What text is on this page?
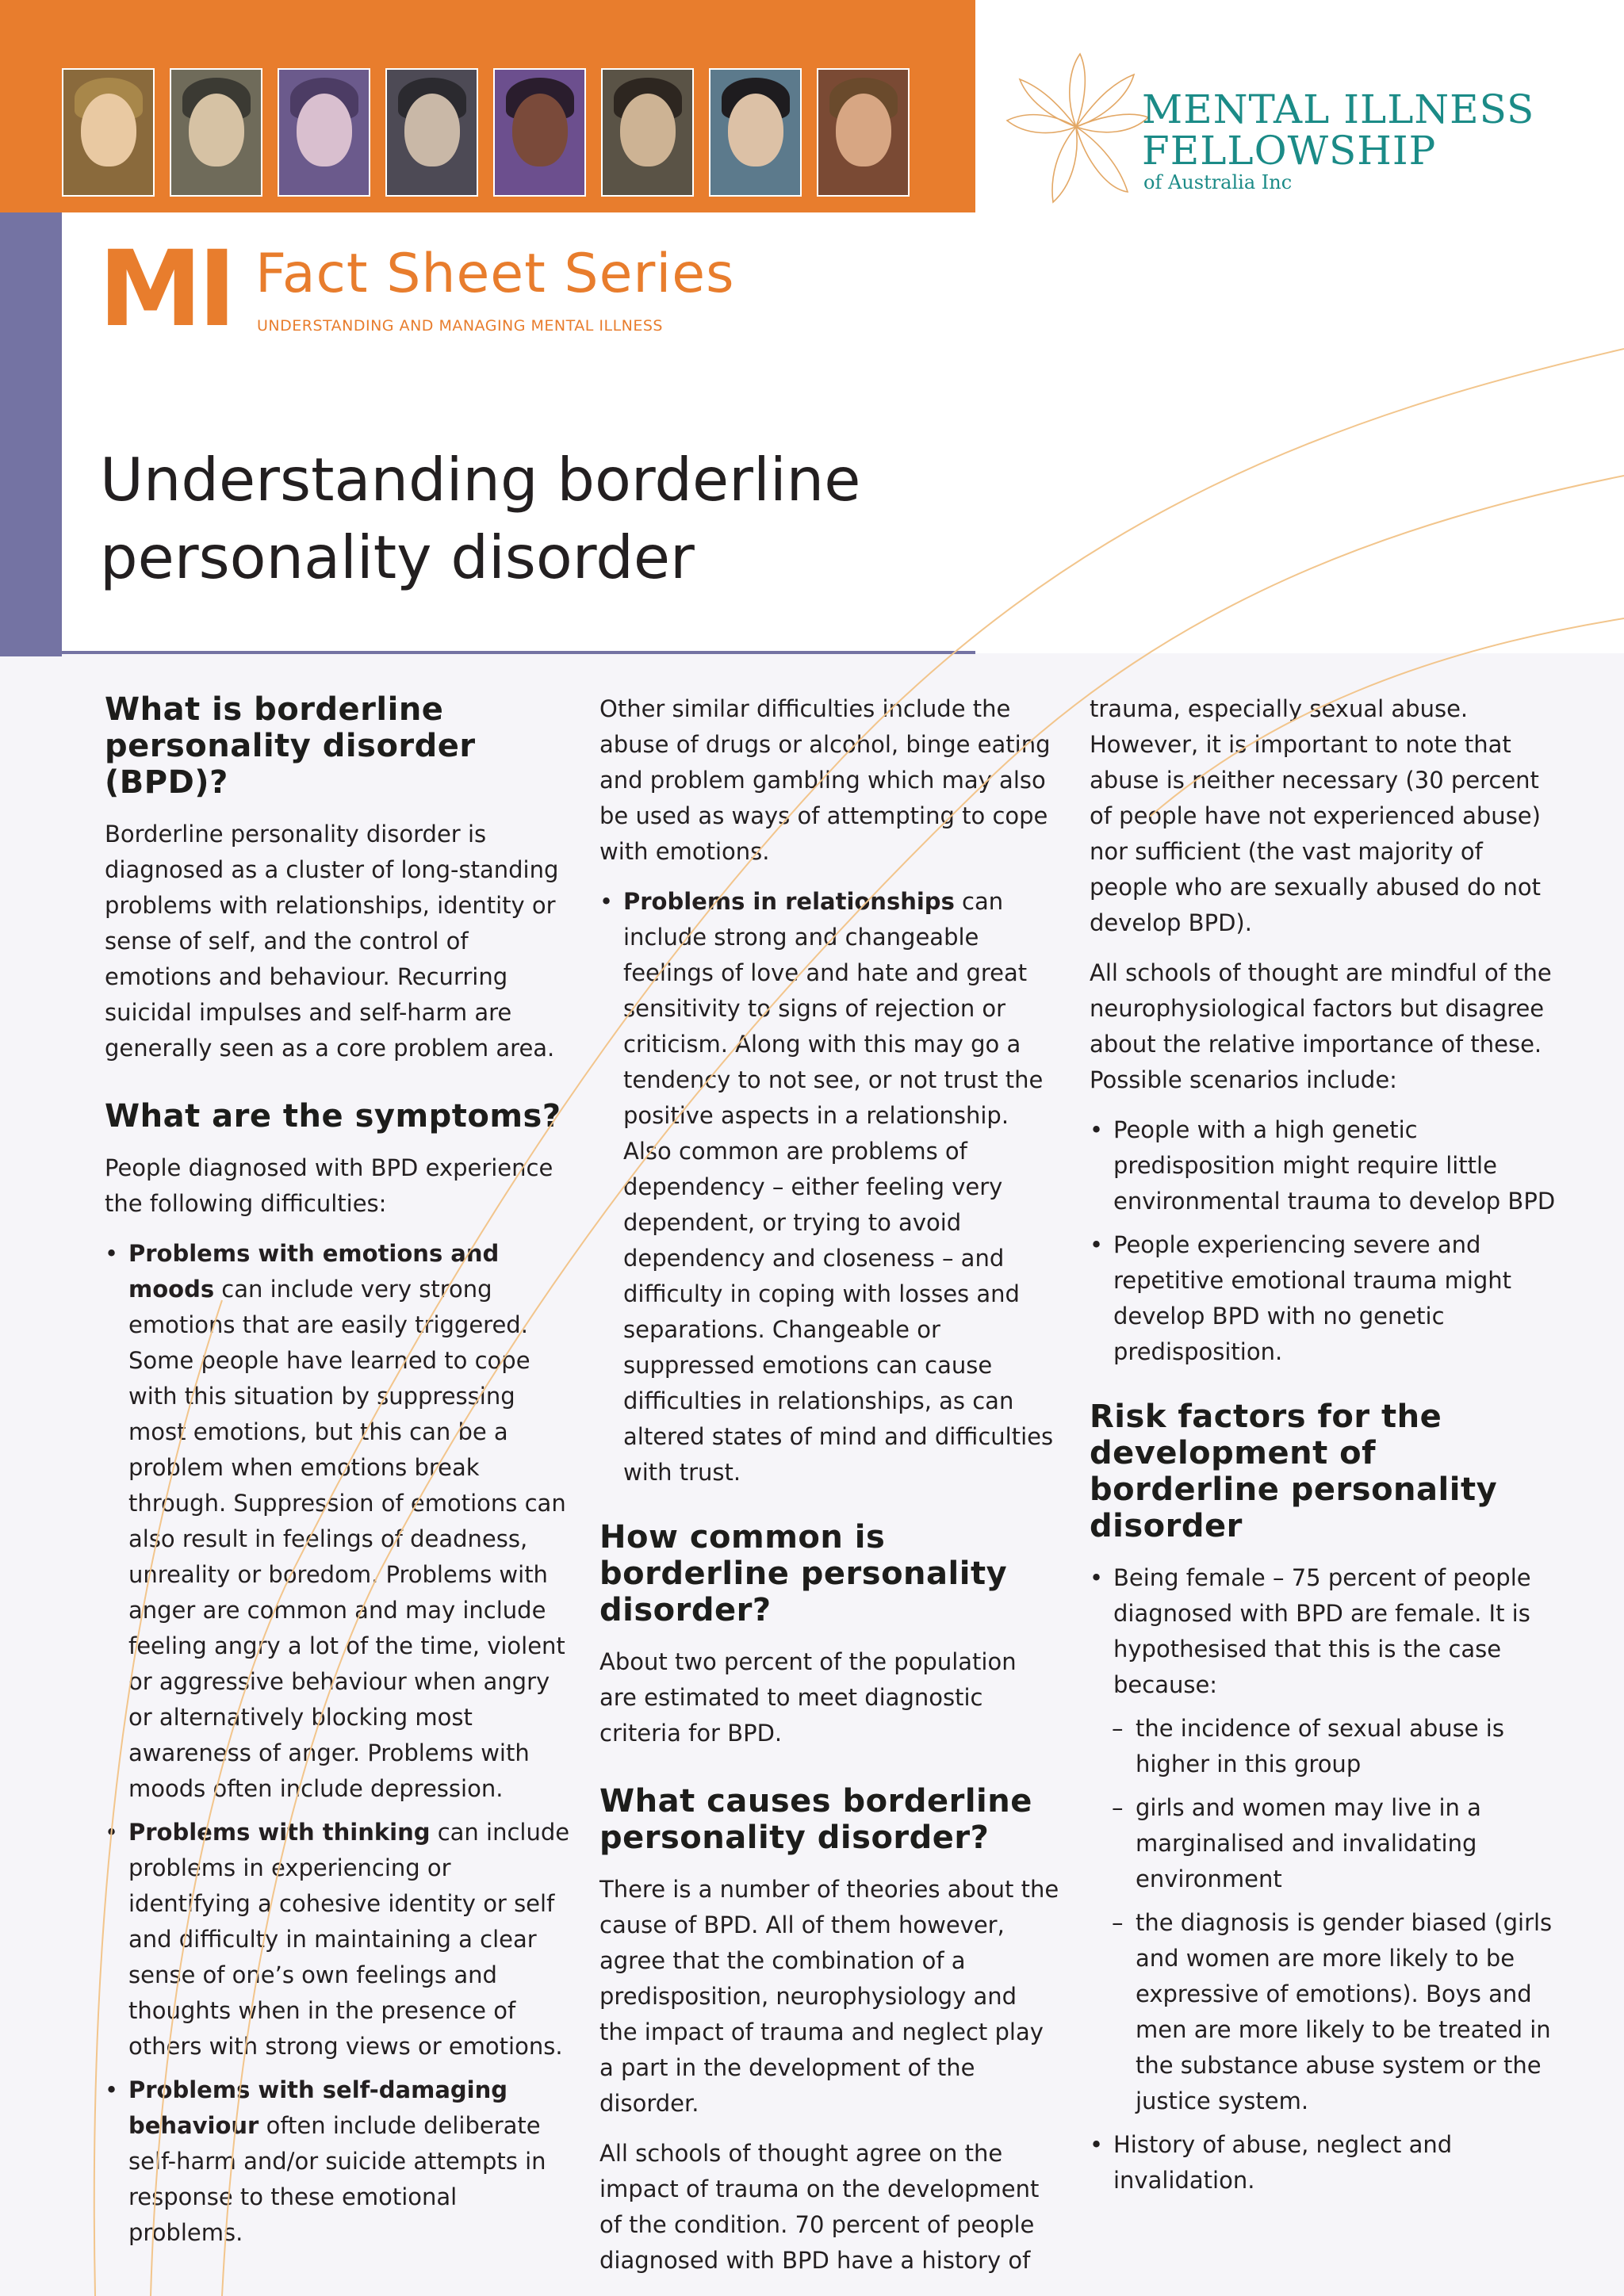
MENTAL ILLNESS
FELLOWSHIP
of Australia Inc
MI Fact Sheet Series
UNDERSTANDING AND MANAGING MENTAL ILLNESS
Understanding borderline
personality disorder
What is borderline personality disorder (BPD)?

Borderline personality disorder is diagnosed as a cluster of long-standing problems with relationships, identity or sense of self, and the control of emotions and behaviour. Recurring suicidal impulses and self-harm are generally seen as a core problem area.

What are the symptoms?

People diagnosed with BPD experience the following difficulties:

• Problems with emotions and moods can include very strong emotions that are easily triggered. Some people have learned to cope with this situation by suppressing most emotions, but this can be a problem when emotions break through. Suppression of emotions can also result in feelings of deadness, unreality or boredom. Problems with anger are common and may include feeling angry a lot of the time, violent or aggressive behaviour when angry or alternatively blocking most awareness of anger. Problems with moods often include depression.
• Problems with thinking can include problems in experiencing or identifying a cohesive identity or self and difficulty in maintaining a clear sense of one’s own feelings and thoughts when in the presence of others with strong views or emotions.
• Problems with self-damaging behaviour often include deliberate self-harm and/or suicide attempts in response to these emotional problems.

Other similar difficulties include the abuse of drugs or alcohol, binge eating and problem gambling which may also be used as ways of attempting to cope with emotions.

• Problems in relationships can include strong and changeable feelings of love and hate and great sensitivity to signs of rejection or criticism. Along with this may go a tendency to not see, or not trust the positive aspects in a relationship. Also common are problems of dependency – either feeling very dependent, or trying to avoid dependency and closeness – and difficulty in coping with losses and separations. Changeable or suppressed emotions can cause difficulties in relationships, as can altered states of mind and difficulties with trust.
How common is borderline personality disorder?

About two percent of the population are estimated to meet diagnostic criteria for BPD.

What causes borderline personality disorder?

There is a number of theories about the cause of BPD. All of them however, agree that the combination of a predisposition, neurophysiology and the impact of trauma and neglect play a part in the development of the disorder.

All schools of thought agree on the impact of trauma on the development of the condition. 70 percent of people diagnosed with BPD have a history of

trauma, especially sexual abuse. However, it is important to note that abuse is neither necessary (30 percent of people have not experienced abuse) nor sufficient (the vast majority of people who are sexually abused do not develop BPD).

All schools of thought are mindful of the neurophysiological factors but disagree about the relative importance of these. Possible scenarios include:

• People with a high genetic predisposition might require little environmental trauma to develop BPD
• People experiencing severe and repetitive emotional trauma might develop BPD with no genetic predisposition.
Risk factors for the development of borderline personality disorder
• Being female – 75 percent of people diagnosed with BPD are female. It is hypothesised that this is the case because:
– the incidence of sexual abuse is higher in this group
– girls and women may live in a marginalised and invalidating environment
– the diagnosis is gender biased (girls and women are more likely to be expressive of emotions). Boys and men are more likely to be treated in the substance abuse system or the justice system.
• History of abuse, neglect and invalidation.
